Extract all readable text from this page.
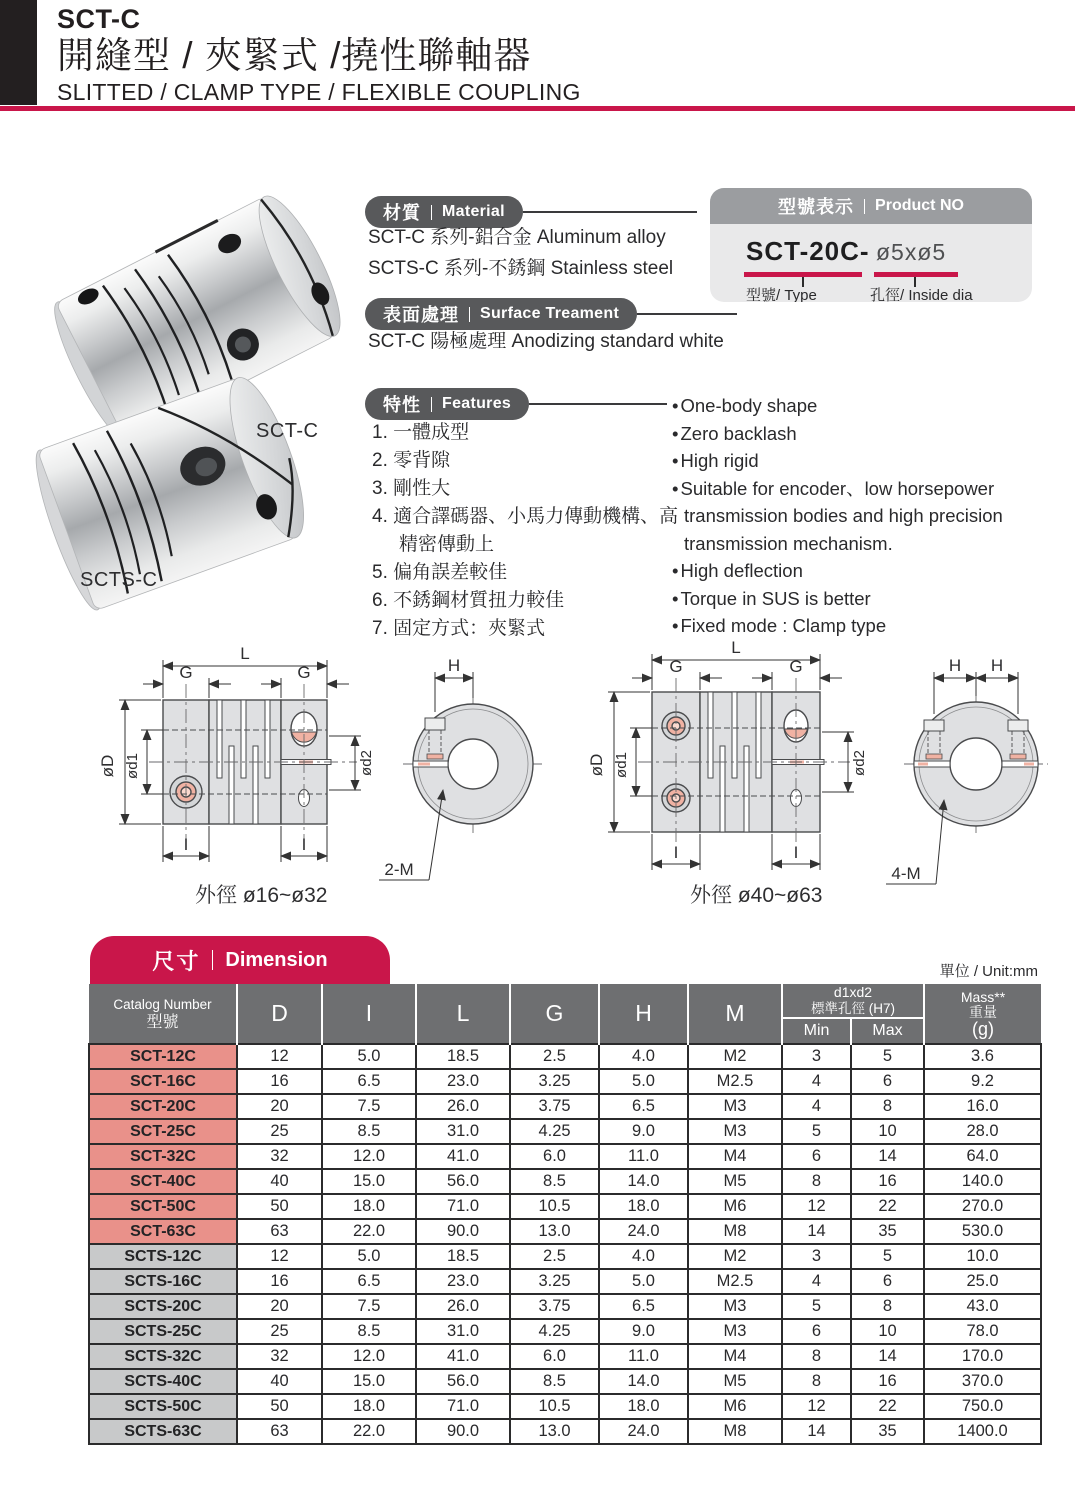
SCT-C
開縫型 / 夾緊式 /撓性聯軸器
SLITTED / CLAMP TYPE / FLEXIBLE COUPLING
SCT-C
SCTS-C
材質 Material
SCT-C 系列-鋁合金 Aluminum alloy
SCTS-C 系列-不銹鋼 Stainless steel
型號表示 Product NO
SCT-20C- ø5xø5
型號/ Type	孔徑/ Inside dia
表面處理 Surface Treament
SCT-C 陽極處理 Anodizing standard white
特性 Features
1. 一體成型
2. 零背隙
3. 剛性大
4. 適合譯碼器、小馬力傳動機構、高精密傳動上
5. 偏角誤差較佳
6. 不銹鋼材質扭力較佳
7. 固定方式：夾緊式
• One-body shape
• Zero backlash
• High rigid
• Suitable for encoder、low horsepower transmission bodies and high precision transmission mechanism.
• High deflection
• Torque in SUS is better
• Fixed mode : Clamp type
L
G	G
øD ød1	ød2
I	I
H
2-M
外徑 ø16~ø32
L
G	G
øD ød1	ød2
I	I
H H
4-M
外徑 ø40~ø63
尺寸 Dimension
單位 / Unit:mm
Catalog Number
型號	D	I	L	G	H	M	
d1xd2
標準孔徑 (H7)

Mass**
重量
(g)

							Min	Max	
SCT-12C	12	5.0	18.5	2.5	4.0	M2	3	5	3.6
SCT-16C	16	6.5	23.0	3.25	5.0	M2.5	4	6	9.2
SCT-20C	20	7.5	26.0	3.75	6.5	M3	4	8	16.0
SCT-25C	25	8.5	31.0	4.25	9.0	M3	5	10	28.0
SCT-32C	32	12.0	41.0	6.0	11.0	M4	6	14	64.0
SCT-40C	40	15.0	56.0	8.5	14.0	M5	8	16	140.0
SCT-50C	50	18.0	71.0	10.5	18.0	M6	12	22	270.0
SCT-63C	63	22.0	90.0	13.0	24.0	M8	14	35	530.0
SCTS-12C	12	5.0	18.5	2.5	4.0	M2	3	5	10.0
SCTS-16C	16	6.5	23.0	3.25	5.0	M2.5	4	6	25.0
SCTS-20C	20	7.5	26.0	3.75	6.5	M3	5	8	43.0
SCTS-25C	25	8.5	31.0	4.25	9.0	M3	6	10	78.0
SCTS-32C	32	12.0	41.0	6.0	11.0	M4	8	14	170.0
SCTS-40C	40	15.0	56.0	8.5	14.0	M5	8	16	370.0
SCTS-50C	50	18.0	71.0	10.5	18.0	M6	12	22	750.0
SCTS-63C	63	22.0	90.0	13.0	24.0	M8	14	35	1400.0
